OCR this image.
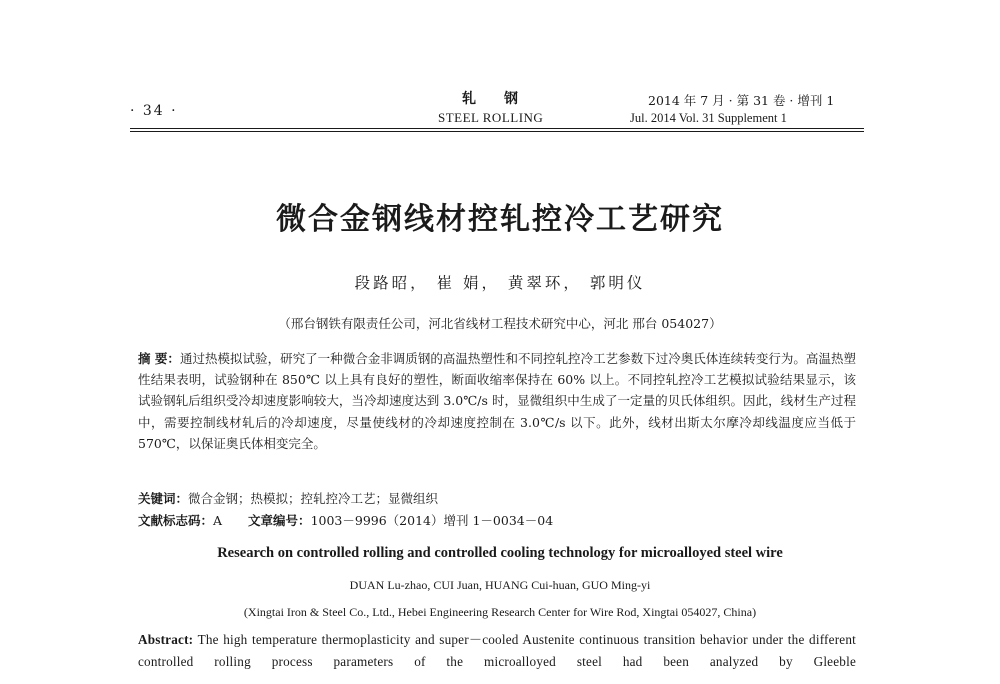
· 34 ·
轧钢
STEEL ROLLING
2014 年 7 月 · 第 31 卷 · 增刊 1
Jul. 2014 Vol. 31 Supplement 1
微合金钢线材控轧控冷工艺研究
段路昭， 崔 娟， 黄翠环， 郭明仪
（邢台钢铁有限责任公司，河北省线材工程技术研究中心，河北 邢台 054027）
摘 要：通过热模拟试验，研究了一种微合金非调质钢的高温热塑性和不同控轧控冷工艺参数下过冷奥氏体连续转变行为。高温热塑性结果表明，试验钢种在 850℃ 以上具有良好的塑性，断面收缩率保持在 60% 以上。不同控轧控冷工艺模拟试验结果显示，该试验钢轧后组织受冷却速度影响较大，当冷却速度达到 3.0℃/s 时，显微组织中生成了一定量的贝氏体组织。因此，线材生产过程中，需要控制线材轧后的冷却速度，尽量使线材的冷却速度控制在 3.0℃/s 以下。此外，线材出斯太尔摩冷却线温度应当低于 570℃，以保证奥氏体相变完全。
关键词：微合金钢；热模拟；控轧控冷工艺；显微组织
文献标志码：A 文章编号：1003－9996（2014）增刊 1－0034－04
Research on controlled rolling and controlled cooling technology for microalloyed steel wire
DUAN Lu-zhao, CUI Juan, HUANG Cui-huan, GUO Ming-yi
(Xingtai Iron & Steel Co., Ltd., Hebei Engineering Research Center for Wire Rod, Xingtai 054027, China)
Abstract: The high temperature thermoplasticity and super－cooled Austenite continuous transition behavior under the different controlled rolling process parameters of the microalloyed steel had been analyzed by Gleeble
